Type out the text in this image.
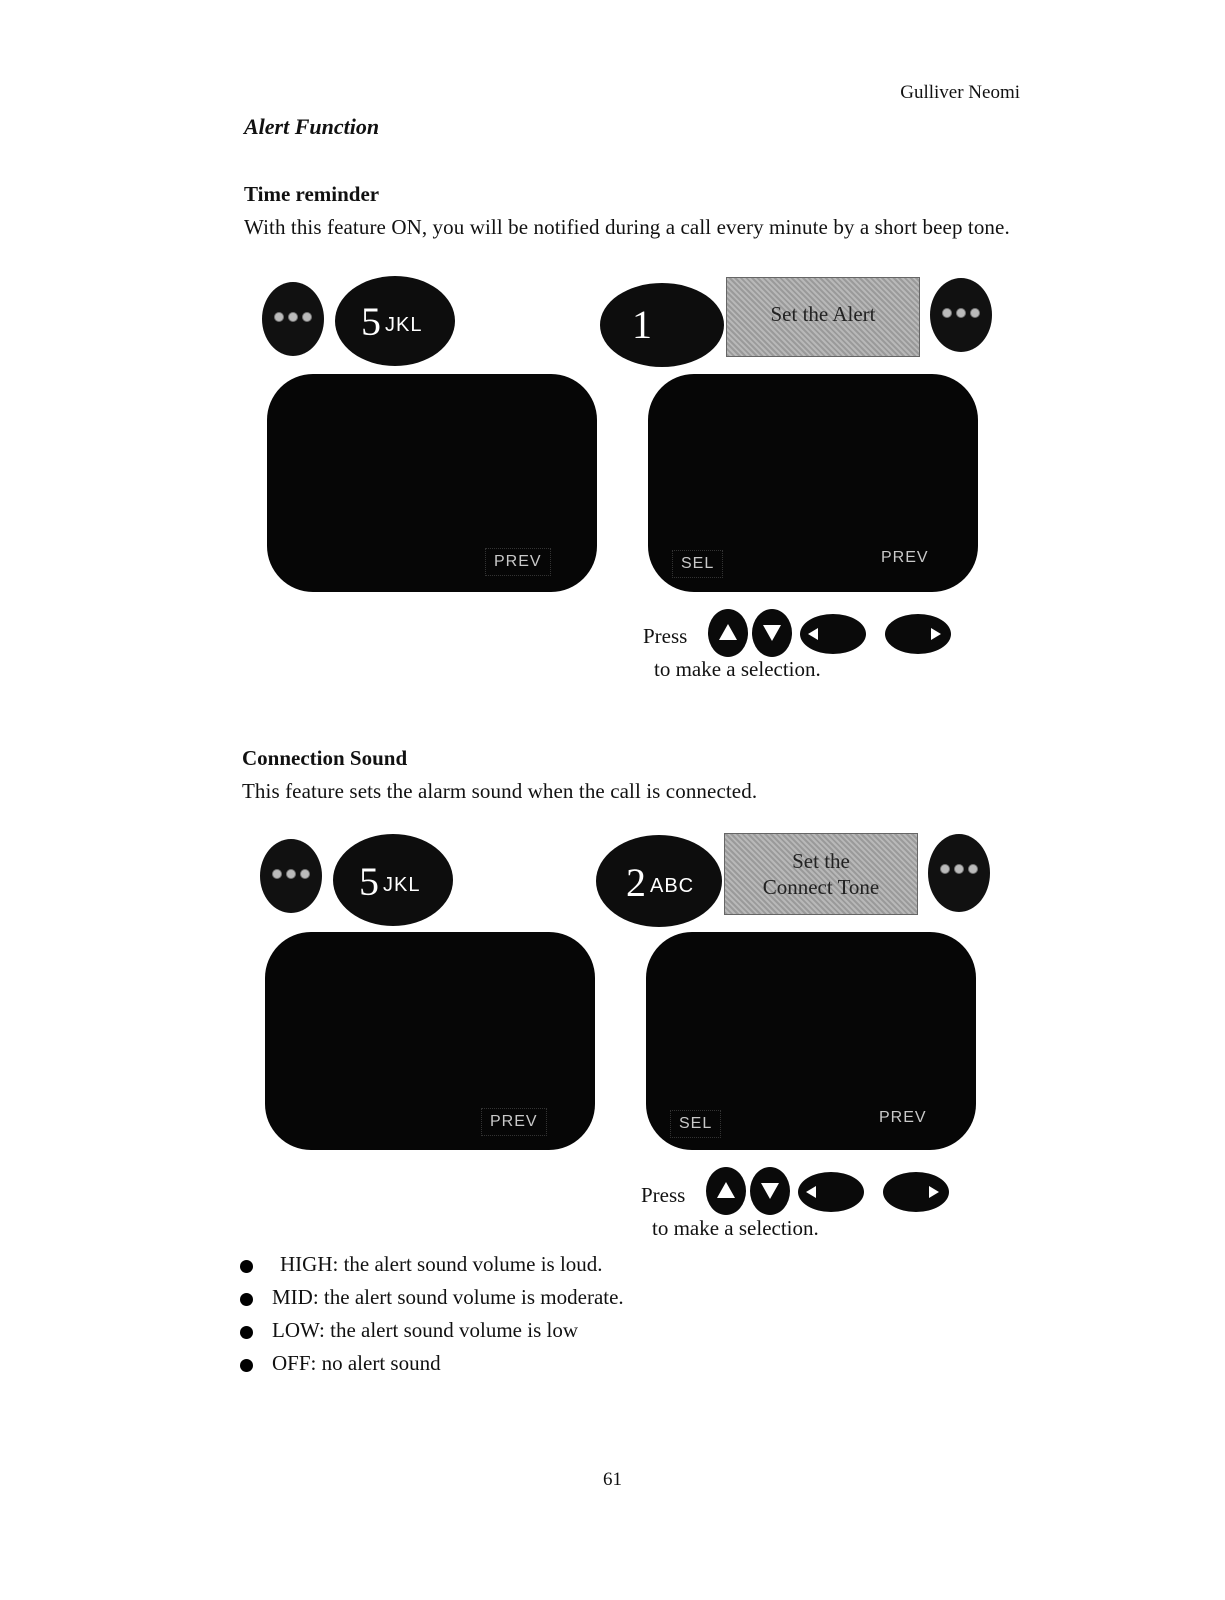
Gulliver Neomi
Alert Function
Time reminder
With this feature ON, you will be notified during a call every minute by a short beep tone.
5 JKL	1	Set the Alert
PREV	SEL	PREV
Press
to make a selection.
Connection Sound
This feature sets the alarm sound when the call is connected.
5 JKL	2 ABC
Set the
Connect Tone
PREV	SEL	PREV
Press
to make a selection.
HIGH: the alert sound volume is loud.
MID: the alert sound volume is moderate.
LOW: the alert sound volume is low
OFF: no alert sound
61
